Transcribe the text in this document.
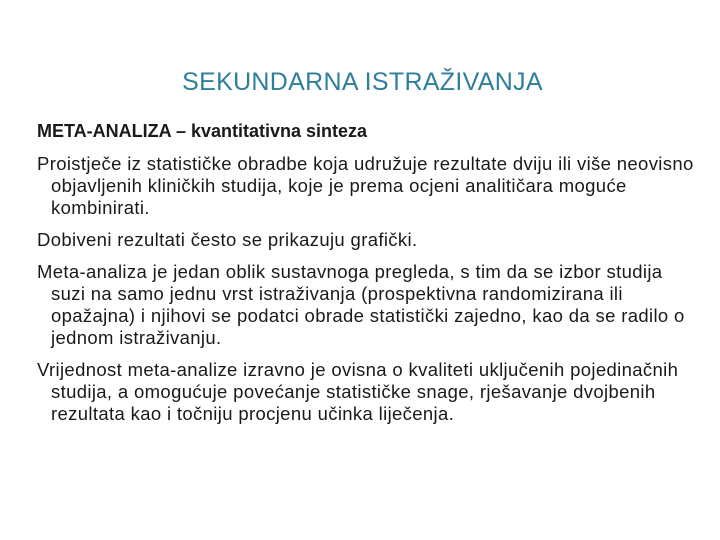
SEKUNDARNA ISTRAŽIVANJA
META-ANALIZA – kvantitativna sinteza

Proistječe iz statističke obradbe koja udružuje rezultate dviju ili više neovisno objavljenih kliničkih studija, koje je prema ocjeni analitičara moguće kombinirati.

Dobiveni rezultati često se prikazuju grafički.

Meta-analiza je jedan oblik sustavnoga pregleda, s tim da se izbor studija suzi na samo jednu vrst istraživanja (prospektivna randomizirana ili opažajna) i njihovi se podatci obrade statistički zajedno, kao da se radilo o jednom istraživanju.

Vrijednost meta-analize izravno je ovisna o kvaliteti uključenih pojedinačnih studija, a omogućuje povećanje statističke snage, rješavanje dvojbenih rezultata kao i točniju procjenu učinka liječenja.
